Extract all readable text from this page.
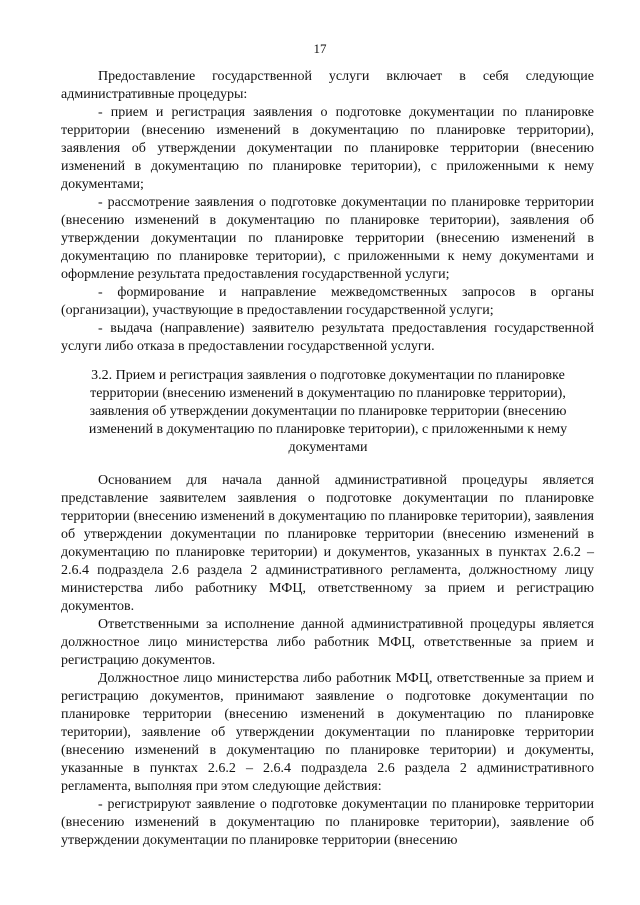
17

Предоставление государственной услуги включает в себя следующие административные процедуры:

- прием и регистрация заявления о подготовке документации по планировке территории (внесению изменений в документацию по планировке территории), заявления об утверждении документации по планировке территории (внесению изменений в документацию по планировке територии), с приложенными к нему документами;

- рассмотрение заявления о подготовке документации по планировке территории (внесению изменений в документацию по планировке територии), заявления об утверждении документации по планировке территории (внесению изменений в документацию по планировке територии), с приложенными к нему документами и оформление результата предоставления государственной услуги;

- формирование и направление межведомственных запросов в органы (организации), участвующие в предоставлении государственной услуги;

- выдача (направление) заявителю результата предоставления государственной услуги либо отказа в предоставлении государственной услуги.

3.2. Прием и регистрация заявления о подготовке документации по планировке территории (внесению изменений в документацию по планировке территории), заявления об утверждении документации по планировке территории (внесению изменений в документацию по планировке територии), с приложенными к нему документами

Основанием для начала данной административной процедуры является представление заявителем заявления о подготовке документации по планировке территории (внесению изменений в документацию по планировке територии), заявления об утверждении документации по планировке территории (внесению изменений в документацию по планировке територии) и документов, указанных в пунктах 2.6.2 – 2.6.4 подраздела 2.6 раздела 2 административного регламента, должностному лицу министерства либо работнику МФЦ, ответственному за прием и регистрацию документов.

Ответственными за исполнение данной административной процедуры является должностное лицо министерства либо работник МФЦ, ответственные за прием и регистрацию документов.

Должностное лицо министерства либо работник МФЦ, ответственные за прием и регистрацию документов, принимают заявление о подготовке документации по планировке территории (внесению изменений в документацию по планировке територии), заявление об утверждении документации по планировке территории (внесению изменений в документацию по планировке територии) и документы, указанные в пунктах 2.6.2 – 2.6.4 подраздела 2.6 раздела 2 административного регламента, выполняя при этом следующие действия:

- регистрируют заявление о подготовке документации по планировке территории (внесению изменений в документацию по планировке територии), заявление об утверждении документации по планировке территории (внесению
